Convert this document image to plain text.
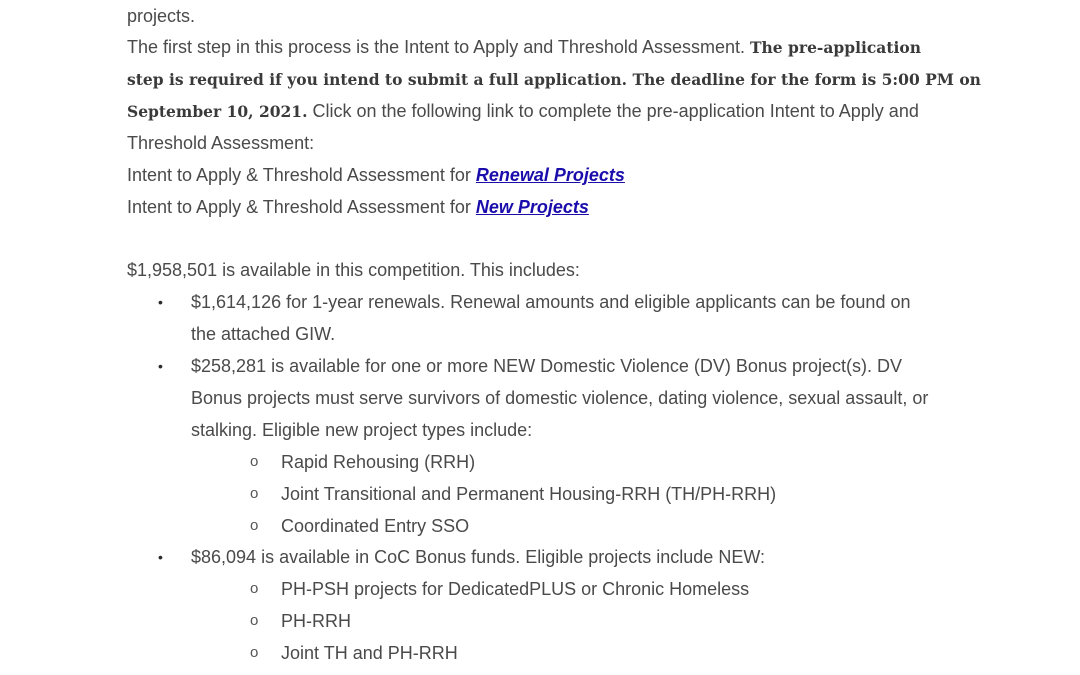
projects.
The first step in this process is the Intent to Apply and Threshold Assessment. The pre-application
step is required if you intend to submit a full application. The deadline for the form is 5:00 PM on
September 10, 2021. Click on the following link to complete the pre-application Intent to Apply and
Threshold Assessment:
Intent to Apply & Threshold Assessment for Renewal Projects
Intent to Apply & Threshold Assessment for New Projects
$1,958,501 is available in this competition. This includes:
• $1,614,126 for 1-year renewals. Renewal amounts and eligible applicants can be found on
the attached GIW.
• $258,281 is available for one or more NEW Domestic Violence (DV) Bonus project(s). DV
Bonus projects must serve survivors of domestic violence, dating violence, sexual assault, or
stalking. Eligible new project types include:
o Rapid Rehousing (RRH)
o Joint Transitional and Permanent Housing-RRH (TH/PH-RRH)
o Coordinated Entry SSO
• $86,094 is available in CoC Bonus funds. Eligible projects include NEW:
o PH-PSH projects for DedicatedPLUS or Chronic Homeless
o PH-RRH
o Joint TH and PH-RRH
